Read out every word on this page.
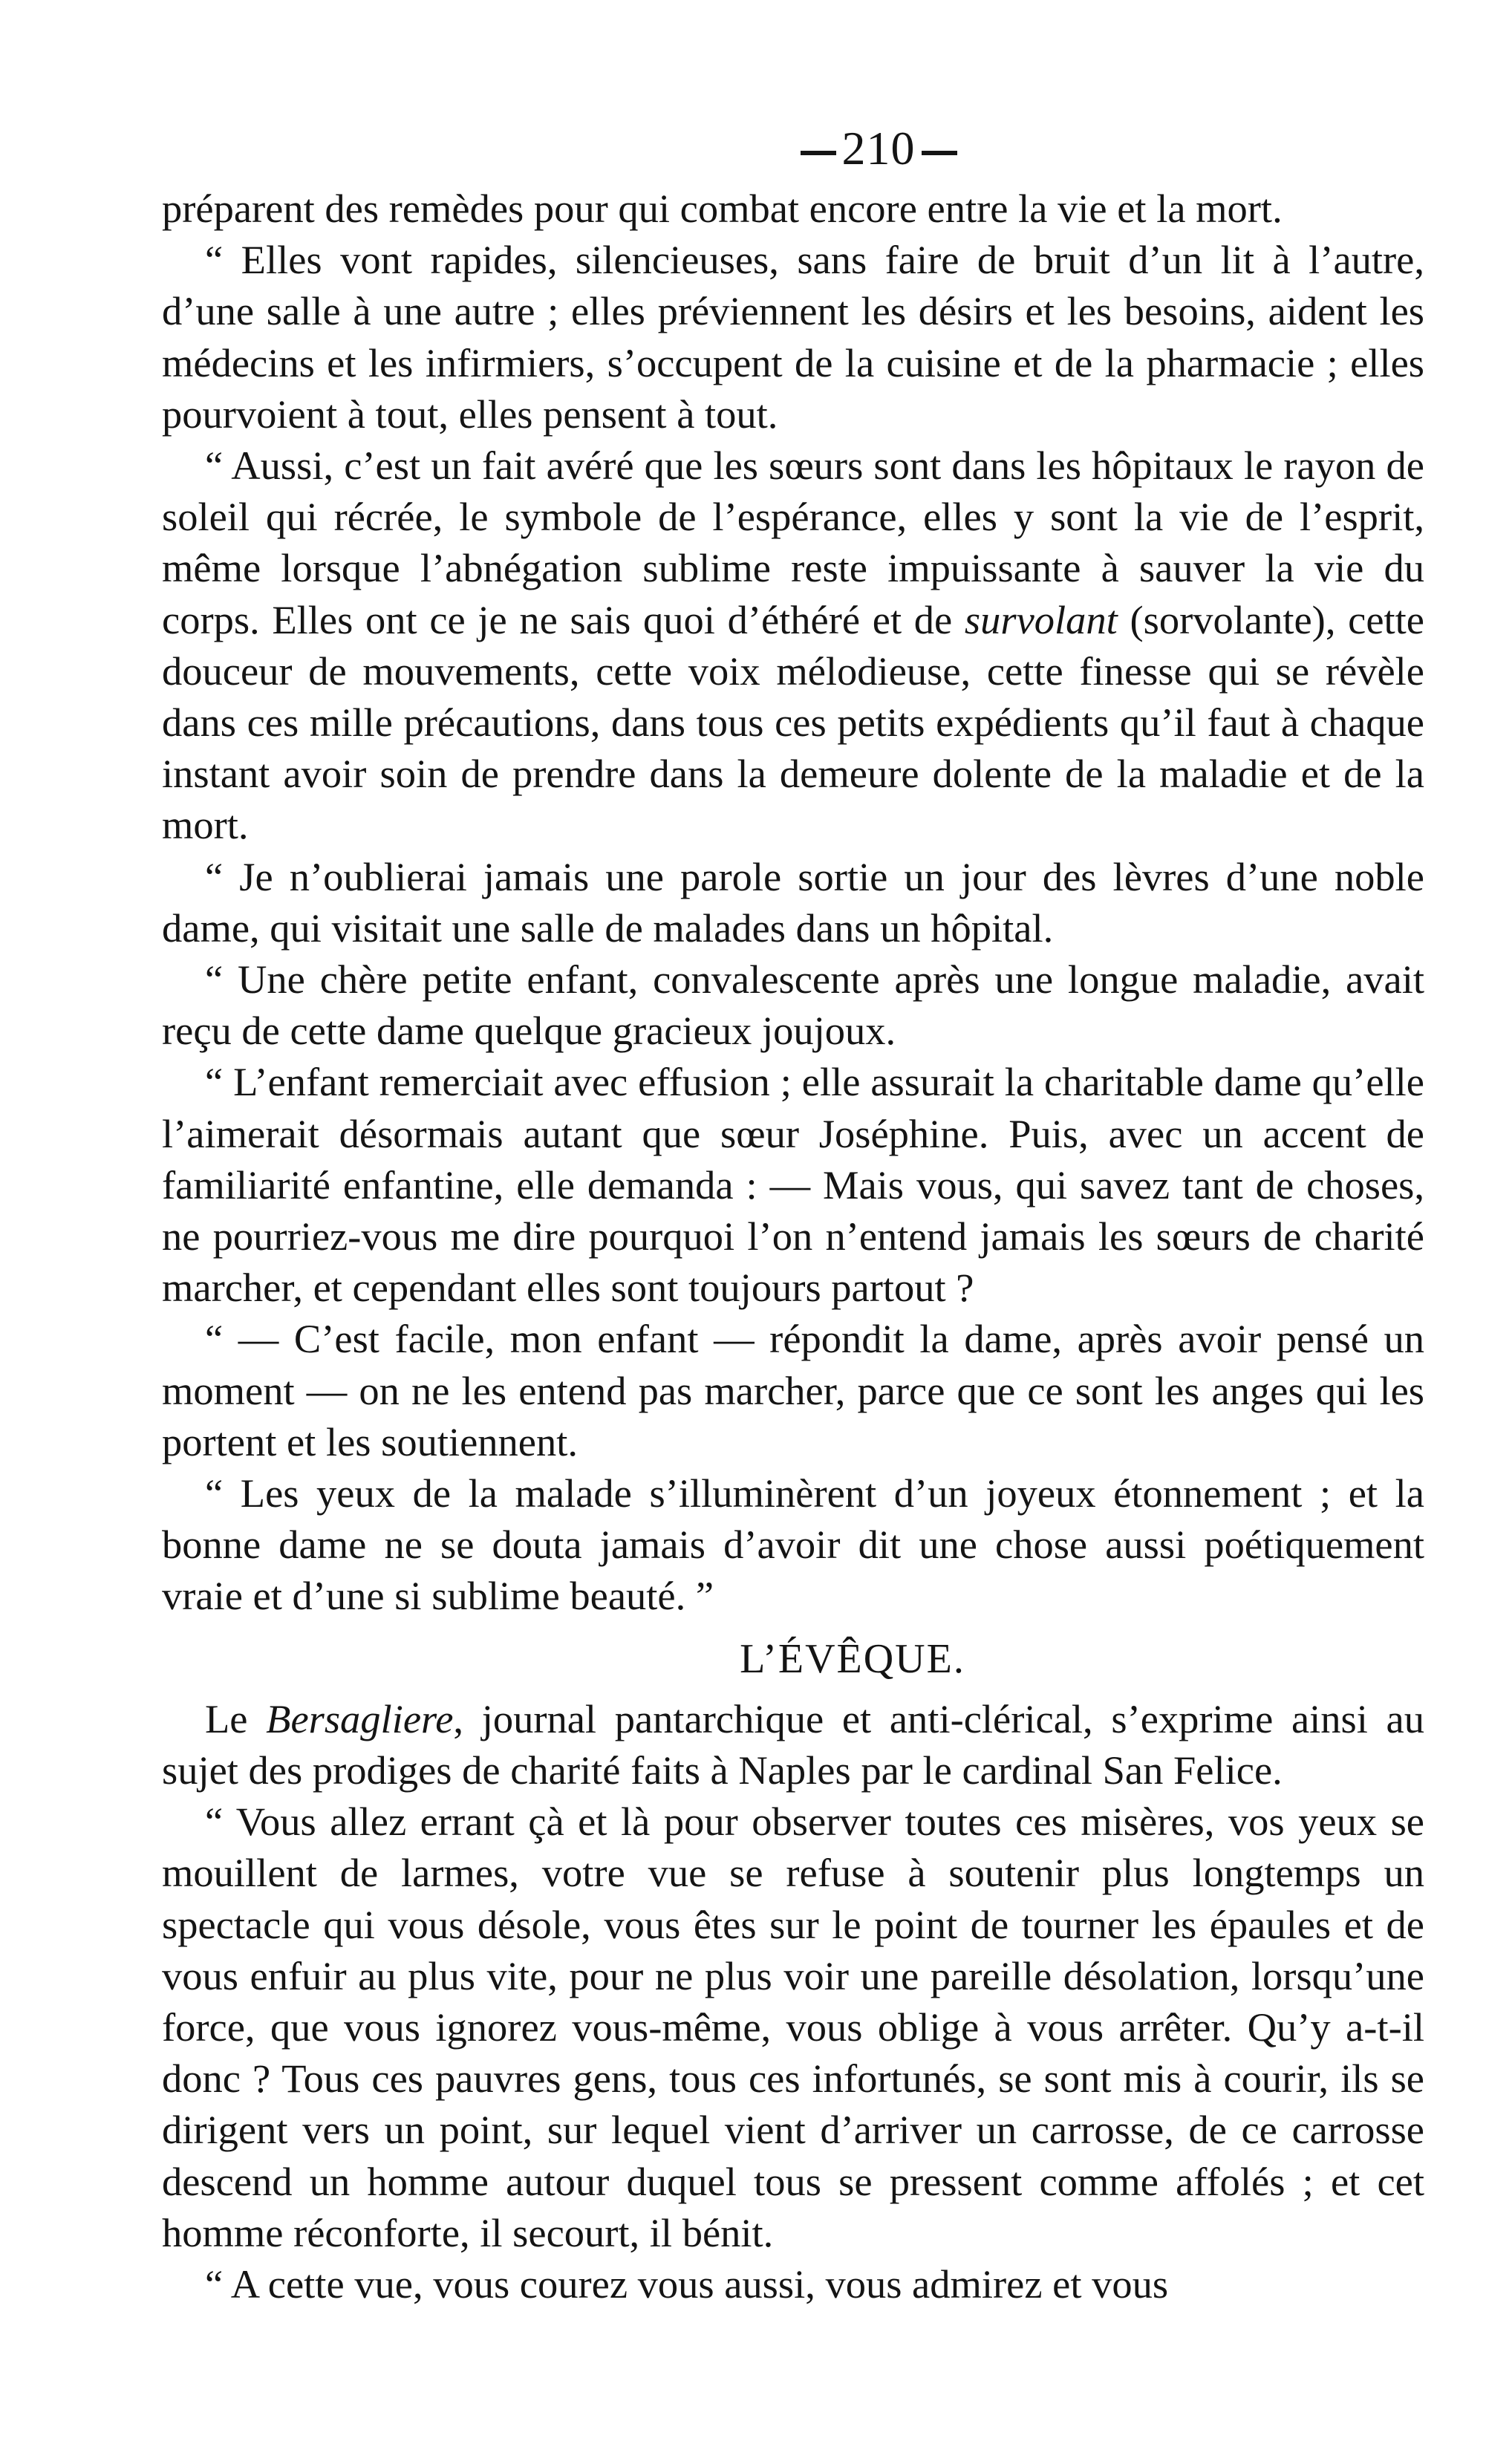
210

préparent des remèdes pour qui combat encore entre la vie et la mort.

“ Elles vont rapides, silencieuses, sans faire de bruit d’un lit à l’autre, d’une salle à une autre ; elles préviennent les désirs et les besoins, aident les médecins et les infirmiers, s’occupent de la cuisine et de la pharmacie ; elles pourvoient à tout, elles pensent à tout.

“ Aussi, c’est un fait avéré que les sœurs sont dans les hôpitaux le rayon de soleil qui récrée, le symbole de l’espérance, elles y sont la vie de l’esprit, même lorsque l’abnégation sublime reste impuissante à sauver la vie du corps. Elles ont ce je ne sais quoi d’éthéré et de survolant (sorvolante), cette douceur de mouvements, cette voix mélodieuse, cette finesse qui se révèle dans ces mille précautions, dans tous ces petits expédients qu’il faut à chaque instant avoir soin de prendre dans la demeure dolente de la maladie et de la mort.

“ Je n’oublierai jamais une parole sortie un jour des lèvres d’une noble dame, qui visitait une salle de malades dans un hôpital.

“ Une chère petite enfant, convalescente après une longue maladie, avait reçu de cette dame quelque gracieux joujoux.

“ L’enfant remerciait avec effusion ; elle assurait la charitable dame qu’elle l’aimerait désormais autant que sœur Joséphine. Puis, avec un accent de familiarité enfantine, elle demanda : — Mais vous, qui savez tant de choses, ne pourriez-vous me dire pourquoi l’on n’entend jamais les sœurs de charité marcher, et cependant elles sont toujours partout ?

“ — C’est facile, mon enfant — répondit la dame, après avoir pensé un moment — on ne les entend pas marcher, parce que ce sont les anges qui les portent et les soutiennent.

“ Les yeux de la malade s’illuminèrent d’un joyeux étonnement ; et la bonne dame ne se douta jamais d’avoir dit une chose aussi poétiquement vraie et d’une si sublime beauté. ”

L’ÉVÊQUE.

Le Bersagliere, journal pantarchique et anti-clérical, s’exprime ainsi au sujet des prodiges de charité faits à Naples par le cardinal San Felice.

“ Vous allez errant çà et là pour observer toutes ces misères, vos yeux se mouillent de larmes, votre vue se refuse à soutenir plus longtemps un spectacle qui vous désole, vous êtes sur le point de tourner les épaules et de vous enfuir au plus vite, pour ne plus voir une pareille désolation, lorsqu’une force, que vous ignorez vous-même, vous oblige à vous arrêter. Qu’y a-t-il donc ? Tous ces pauvres gens, tous ces infortunés, se sont mis à courir, ils se dirigent vers un point, sur lequel vient d’arriver un carrosse, de ce carrosse descend un homme autour duquel tous se pressent comme affolés ; et cet homme réconforte, il secourt, il bénit.

“ A cette vue, vous courez vous aussi, vous admirez et vous
